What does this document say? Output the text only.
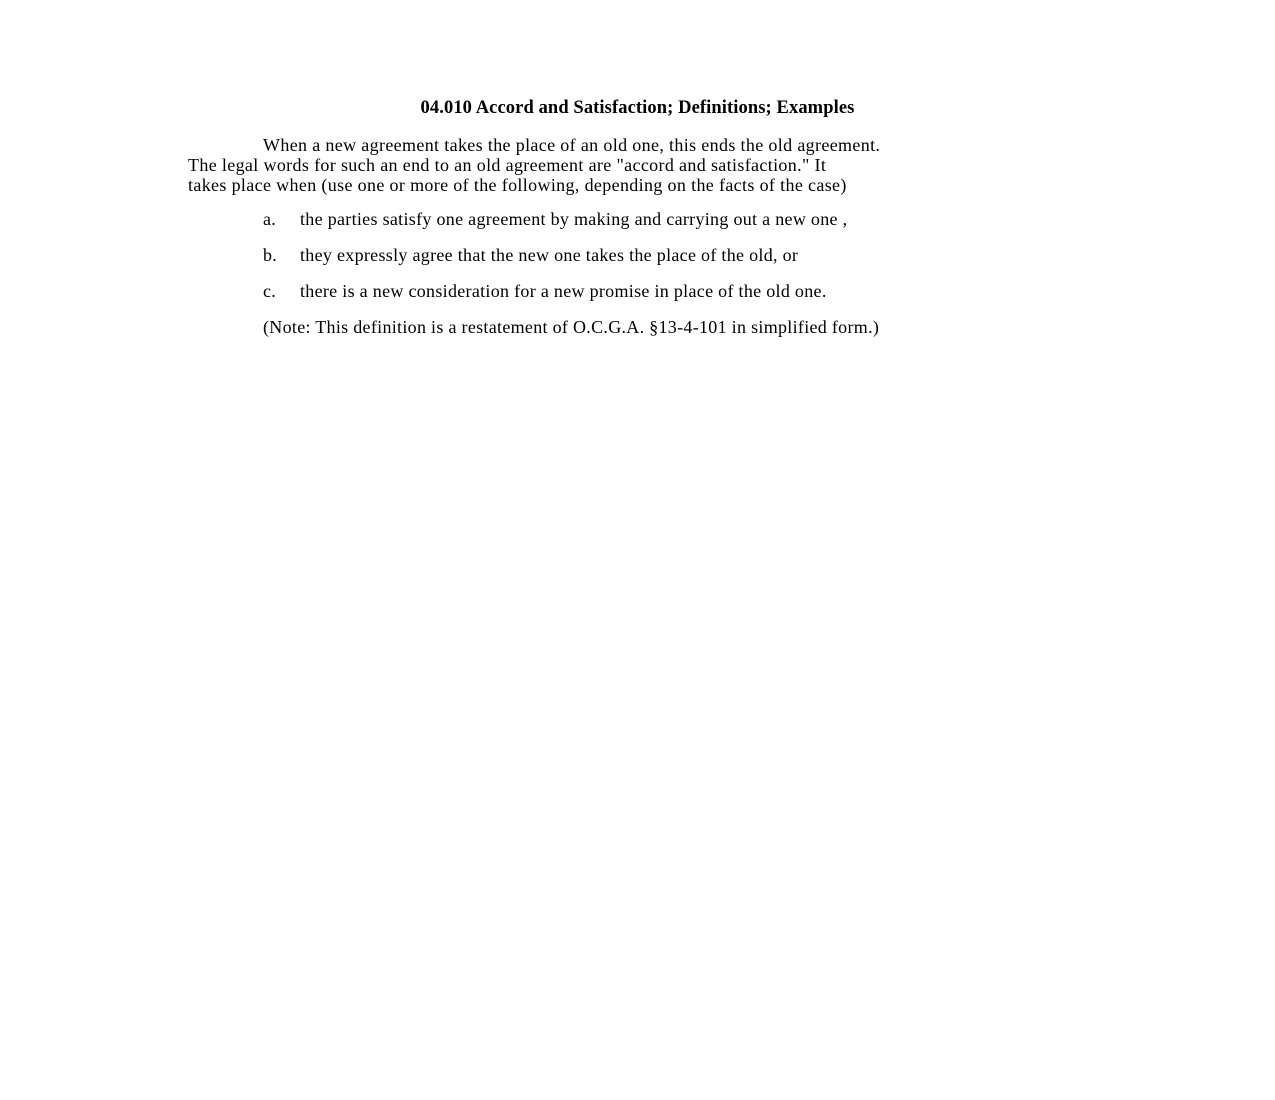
04.010 Accord and Satisfaction; Definitions; Examples
When a new agreement takes the place of an old one, this ends the old agreement.
The legal words for such an end to an old agreement are "accord and satisfaction." It
takes place when (use one or more of the following, depending on the facts of the case)
a. the parties satisfy one agreement by making and carrying out a new one ,
b. they expressly agree that the new one takes the place of the old, or
c. there is a new consideration for a new promise in place of the old one.
(Note: This definition is a restatement of O.C.G.A. §13-4-101 in simplified form.)
